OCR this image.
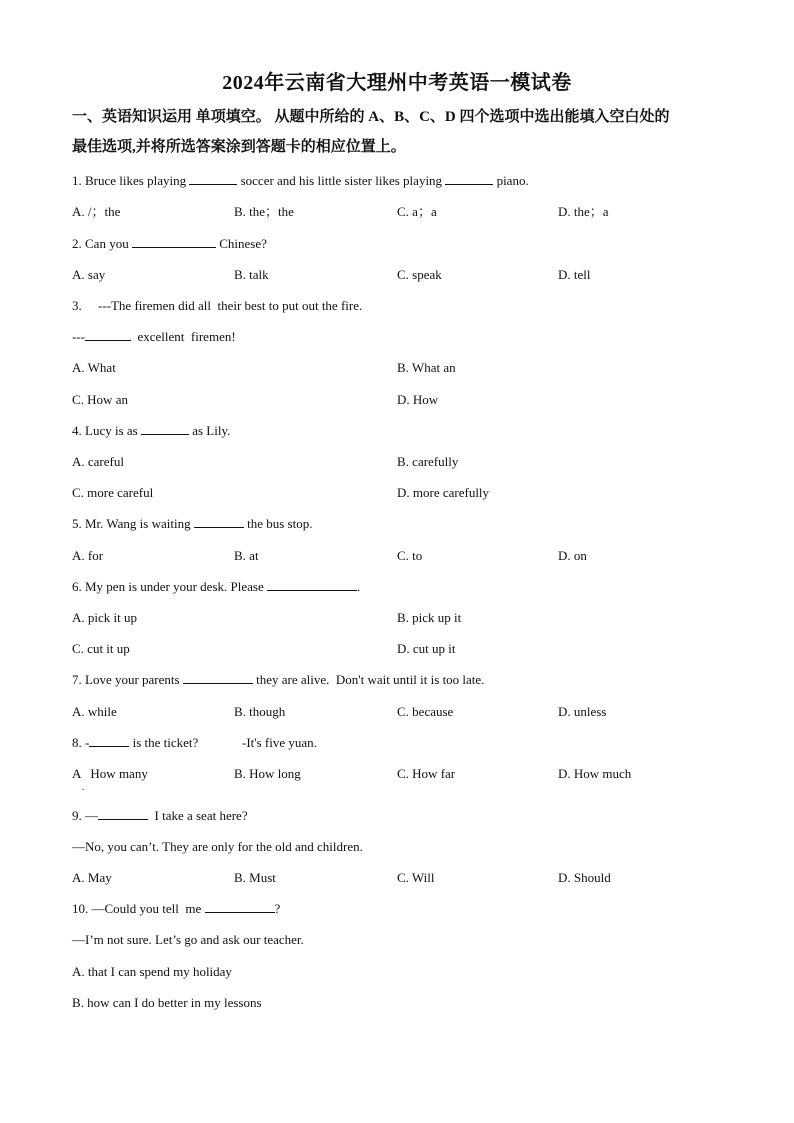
2024年云南省大理州中考英语一模试卷
一、英语知识运用 单项填空。 从题中所给的 A、B、C、D 四个选项中选出能填入空白处的
最佳选项,并将所选答案涂到答题卡的相应位置上。
1. Bruce likes playing	soccer and his little sister likes playing	piano.
A. /；the	B. the；the	C. a；a	D. the；a
2. Can you	Chinese?
A. say	B. talk	C. speak	D. tell
3.     ---The firemen did all  their best to put out the fire.
---	excellent  firemen!
A. What	B. What an
C. How an	D. How
4. Lucy is as	as Lily.
A. careful	B. carefully
C. more careful	D. more carefully
5. Mr. Wang is waiting	the bus stop.
A. for	B. at	C. to	D. on
6. My pen is under your desk. Please	.
A. pick it up	B. pick up it
C. cut it up	D. cut up it
7. Love your parents	they are alive.  Don't wait until it is too late.
A. while	B. though	C. because	D. unless
8. -	is the ticket?	-It's five yuan.
A   How many
.
B. How long	C. How far	D. How much
9. —	I take a seat here?
—No, you can’t. They are only for the old and children.
A. May	B. Must	C. Will	D. Should
10. —Could you tell  me	?
—I’m not sure. Let’s go and ask our teacher.
A. that I can spend my holiday
B. how can I do better in my lessons
